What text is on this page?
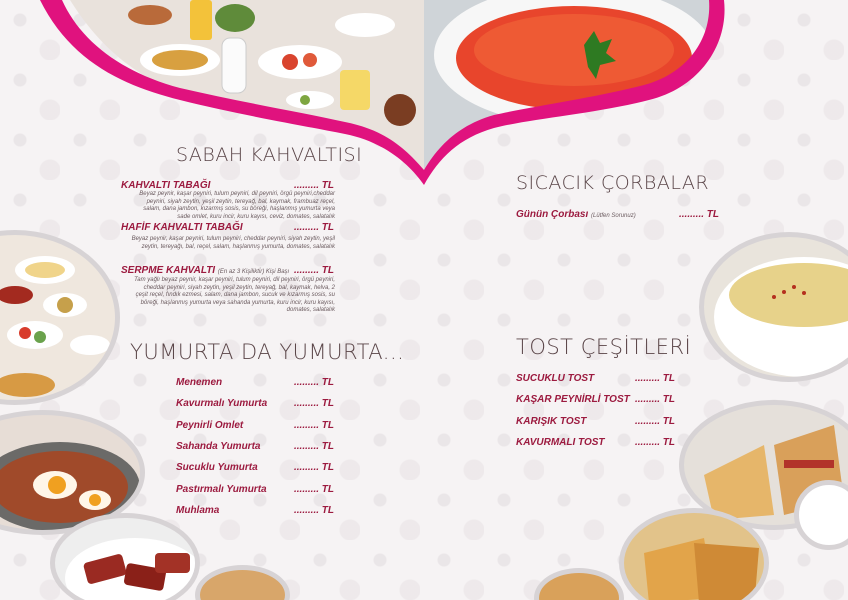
SABAH KAHVALTISI
KAHVALTI TABAĞI	......... TL
Beyaz peynir, kaşar peyniri, tulum peyniri, dil peyniri, örgü peyniri,cheddar
peyniri, siyah zeytin, yeşil zeytin, tereyağ, bal, kaymak, frambuaz reçel,
salam, dana jambon, kızarmış sosis, su böreği, haşlanmış yumurta veya
sade omlet, kuru incir, kuru kayısı, ceviz, domates, salatalık
HAFİF KAHVALTI TABAĞI	......... TL
Beyaz peynir, kaşar peyniri, tulum peyniri, cheddar peyniri, siyah zeytin, yeşil
zeytin, tereyağı, bal, reçel, salam, haşlanmış yumurta, domates, salatalık
SERPME KAHVALTI (En az 3 Kişilikti̇r) Kişi Başı ......... TL
Tam yağlı beyaz peynir, kaşar peyniri, tulum peyniri, dil peyniri, örgü peyniri,
cheddar peyniri, siyah zeytin, yeşil zeytin, tereyağ, bal, kaymak, helva, 2
çeşit reçel, fındık ezmesi, salam, dana jambon, sucuk ve kızarmış sosis, su
böreği, haşlanmış yumurta veya sahanda yumurta, kuru incir, kuru kayısı,
domates, salatalık
YUMURTA DA YUMURTA...
Menemen	......... TL
Kavurmalı Yumurta	......... TL
Peynirli Omlet	......... TL
Sahanda Yumurta	......... TL
Sucuklu Yumurta	......... TL
Pastırmalı Yumurta	......... TL
Muhlama	......... TL
SICACIK ÇORBALAR
Günün Çorbası (Lütfen Sorunuz)	......... TL
TOST ÇEŞİTLERİ
SUCUKLU TOST	......... TL
KAŞAR PEYNİRLİ TOST ......... TL
KARIŞIK TOST	......... TL
KAVURMALI TOST	......... TL
